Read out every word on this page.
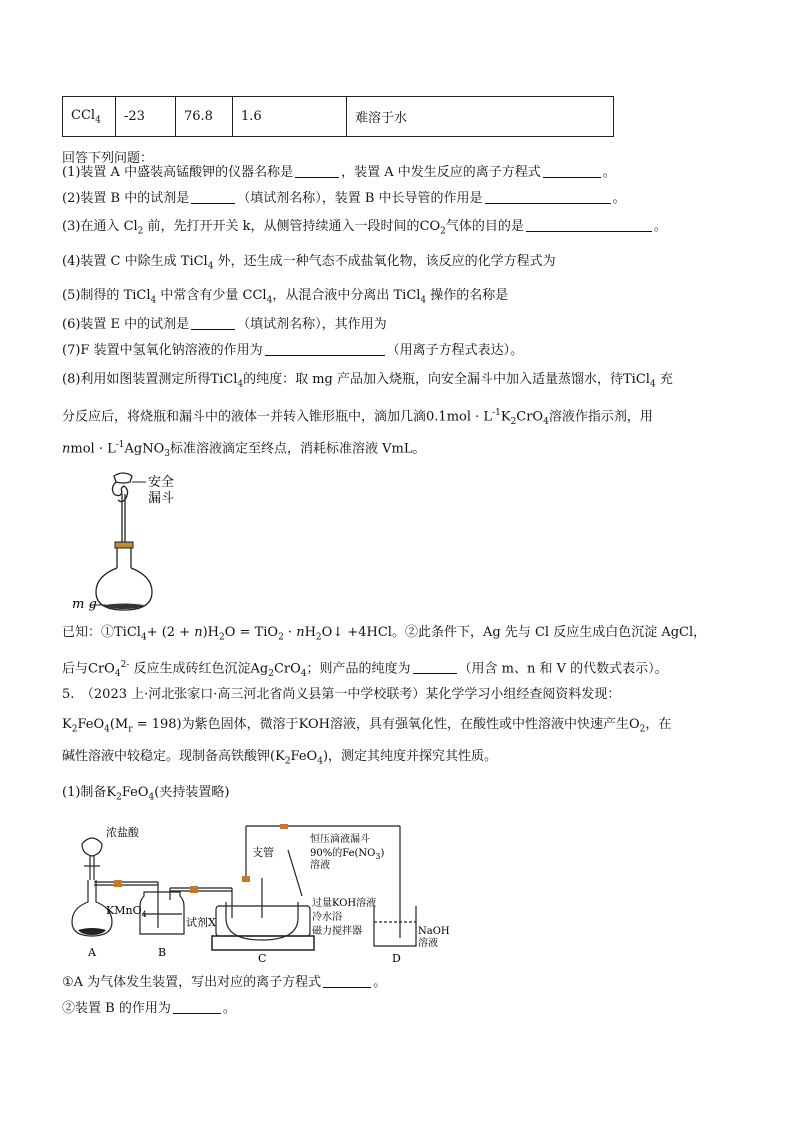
CCl$_4$	-23	76.8	1.6	难溶于水
回答下列问题：
(1)装置 A 中盛装高锰酸钾的仪器名称是	，装置 A 中发生反应的离子方程式	。
(2)装置 B 中的试剂是	（填试剂名称），装置 B 中长导管的作用是	。
(3)在通入 $Cl_2$ 前，先打开开关 k，从侧管持续通入一段时间的$CO_2$气体的目的是	。
(4)装置 C 中除生成 TiCl$_4$ 外，还生成一种气态不成盐氧化物，该反应的化学方程式为
(5)制得的 TiCl$_4$ 中常含有少量 CCl$_4$，从混合液中分离出 TiCl$_4$ 操作的名称是
(6)装置 E 中的试剂是	（填试剂名称），其作用为
(7)F 装置中氢氧化钠溶液的作用为	（用离子方程式表达）。
(8)利用如图装置测定所得TiCl$_4$的纯度：取 mg 产品加入烧瓶，向安全漏斗中加入适量蒸馏水，待TiCl$_4$ 充
分反应后，将烧瓶和漏斗中的液体一并转入锥形瓶中，滴加几滴$0.1mol \cdot L^{-1}K_2CrO_4$溶液作指示剂，用
nmol · $L^{-1}AgNO_3$标准溶液滴定至终点，消耗标准溶液 VmL。
安全
漏斗
m g
已知：①TiCl$_4$+ $(2 + n)H_2O = TiO_2$ · $nH_2O↓ +4HCl$。②此条件下，Ag 先与 Cl 反应生成白色沉淀 AgCl，
后与CrO$_4^{2-}$ 反应生成砖红色沉淀$Ag_2CrO_4$；则产品的纯度为	（用含 m、n 和 V 的代数式表示）。
5.　（2023 上·河北张家口·高三河北省尚义县第一中学校联考）某化学学习小组经查阅资料发现：
$K_2FeO_4(M_r = 198)$为紫色固体，微溶于KOH溶液，具有强氧化性，在酸性或中性溶液中快速产生$O_2$，在
碱性溶液中较稳定。现制备高铁酸钾$(K_2FeO_4)$，测定其纯度并探究其性质。
(1)制备$K_2FeO_4$(夹持装置略)
浓盐酸
KMnO$_4$
试剂X
支管
恒压滴液漏斗
90%的$Fe(NO_3)$
溶液
过量KOH溶液
冷水浴
磁力搅拌器	NaOH
溶液
A	B	C	D
①A 为气体发生装置，写出对应的离子方程式	。
②装置 B 的作用为	。
